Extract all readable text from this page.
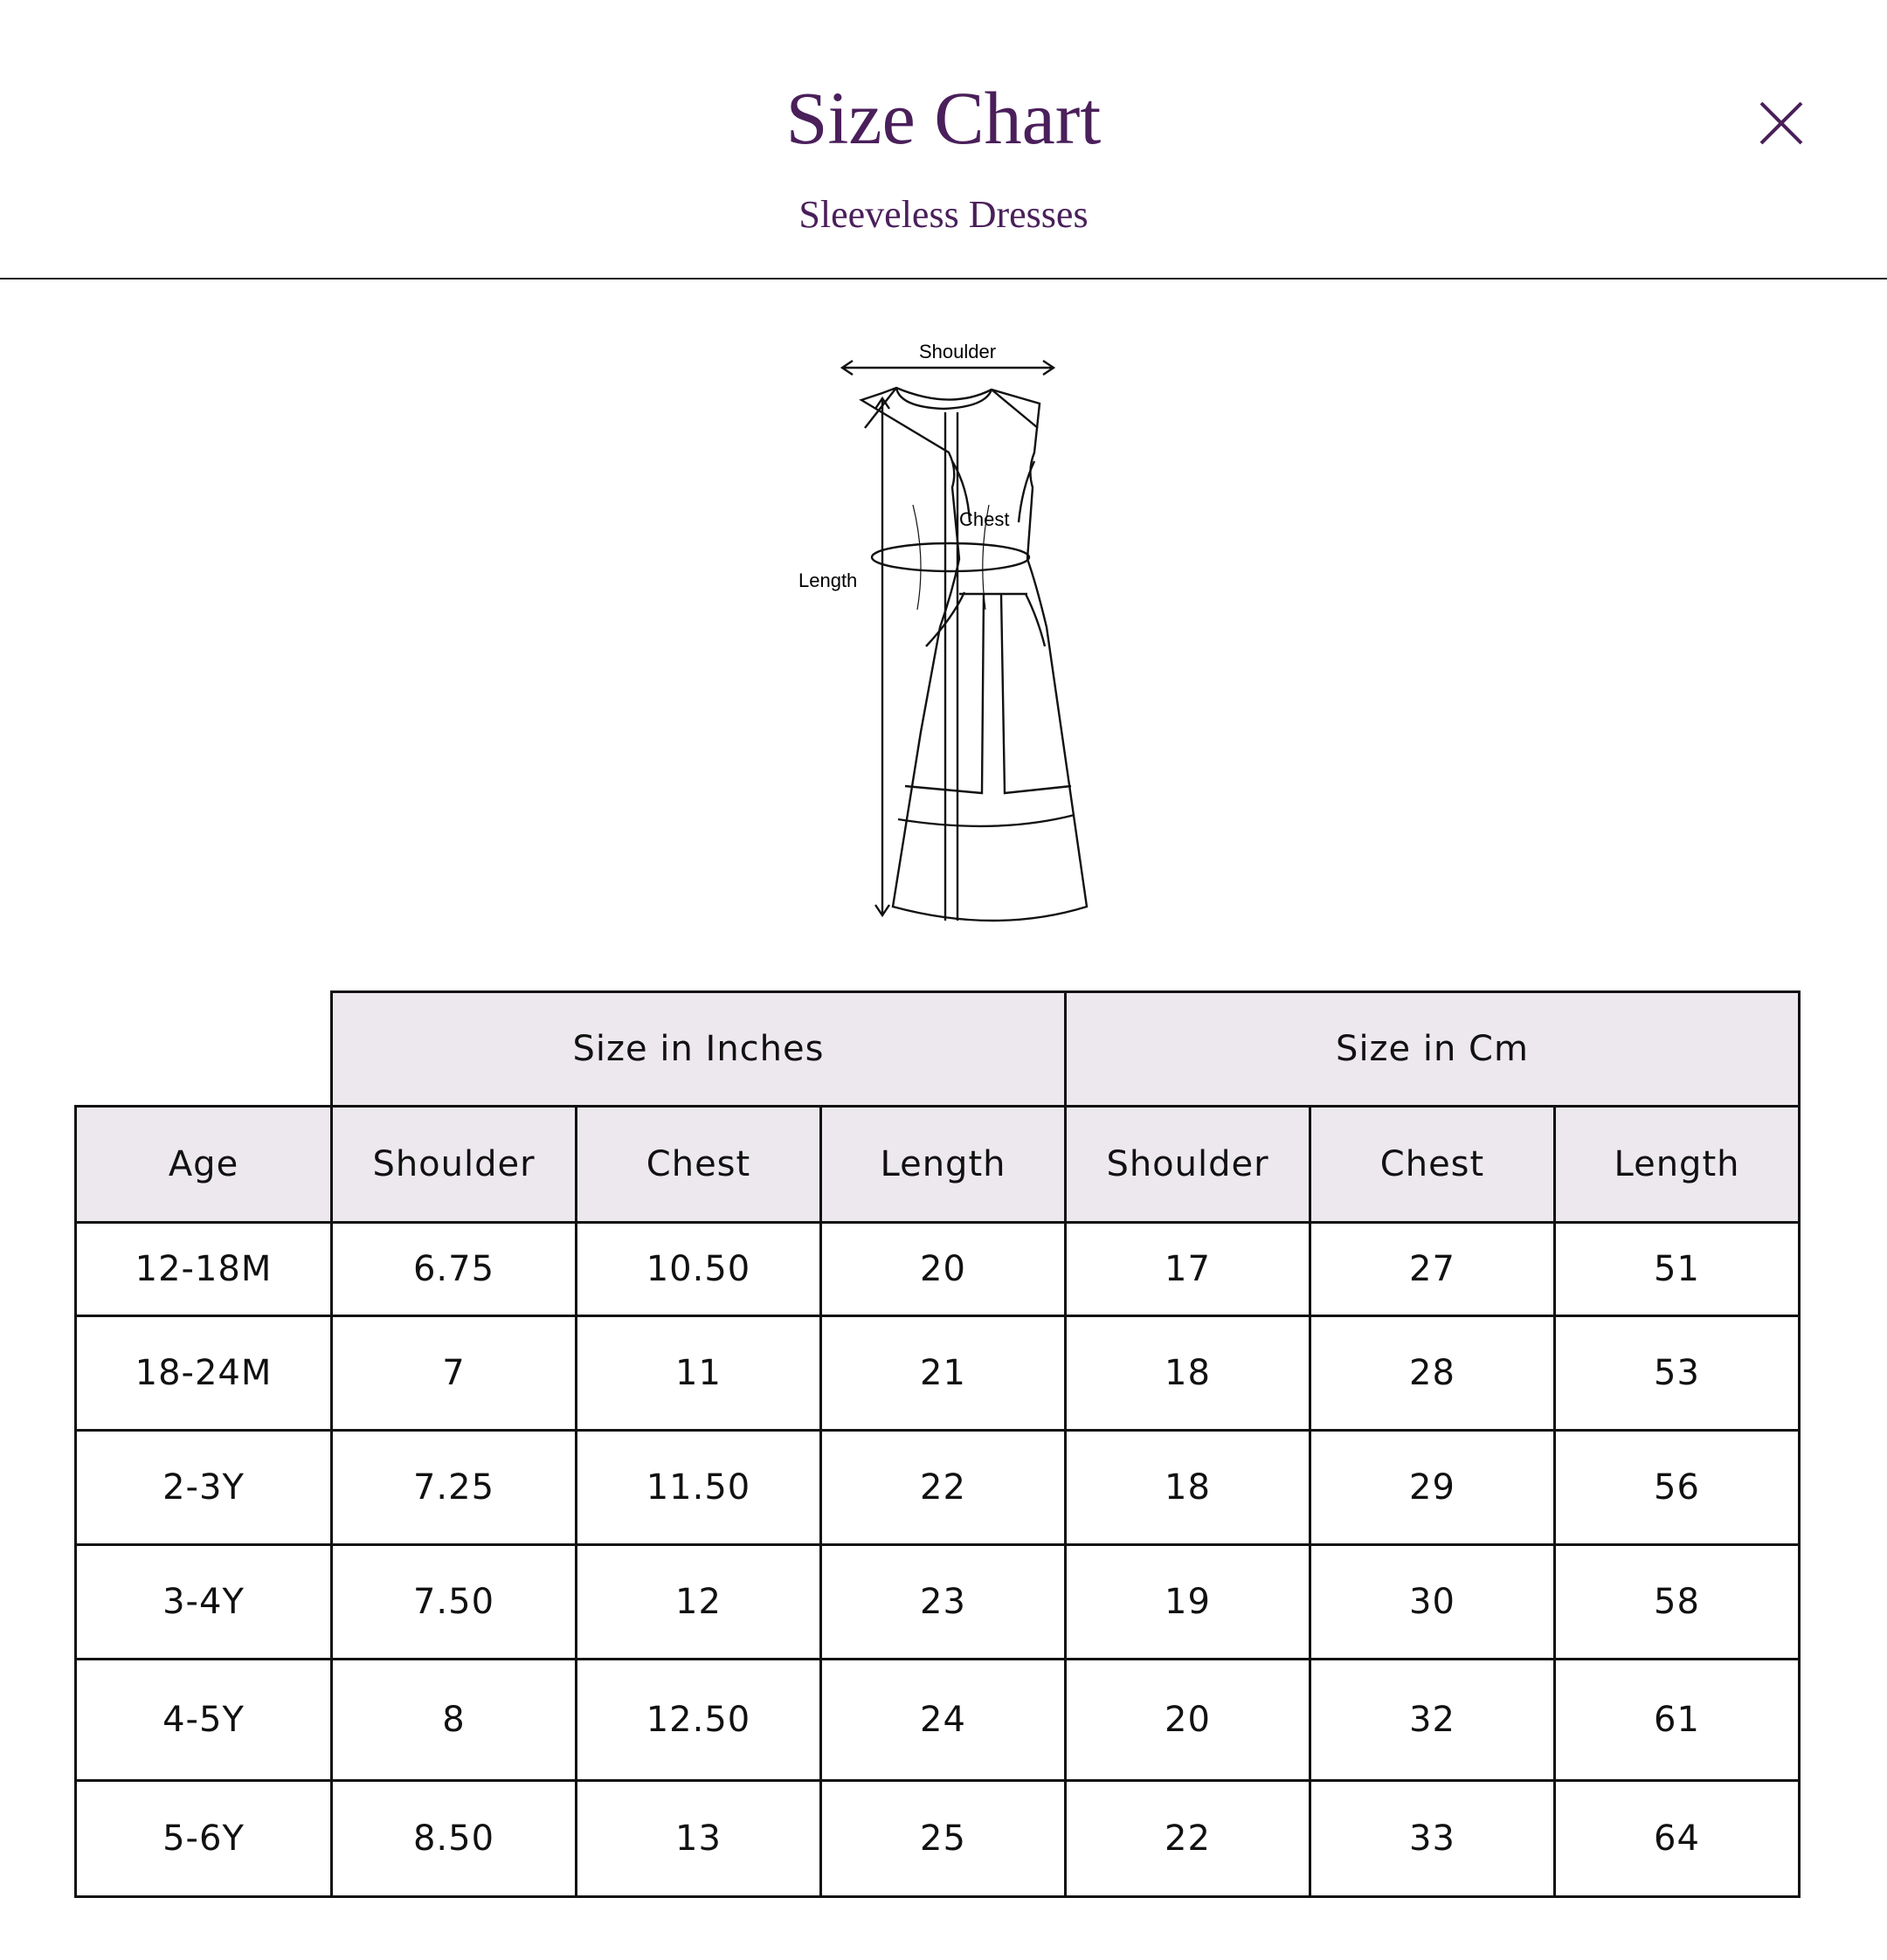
Size Chart
Sleeveless Dresses
Shoulder
Chest
Length
	Size in Inches			Size in Cm		
Age	Shoulder	Chest	Length	Shoulder	Chest	Length
12-18M	6.75	10.50	20	17	27	51
18-24M	7	11	21	18	28	53
2-3Y	7.25	11.50	22	18	29	56
3-4Y	7.50	12	23	19	30	58
4-5Y	8	12.50	24	20	32	61
5-6Y	8.50	13	25	22	33	64
